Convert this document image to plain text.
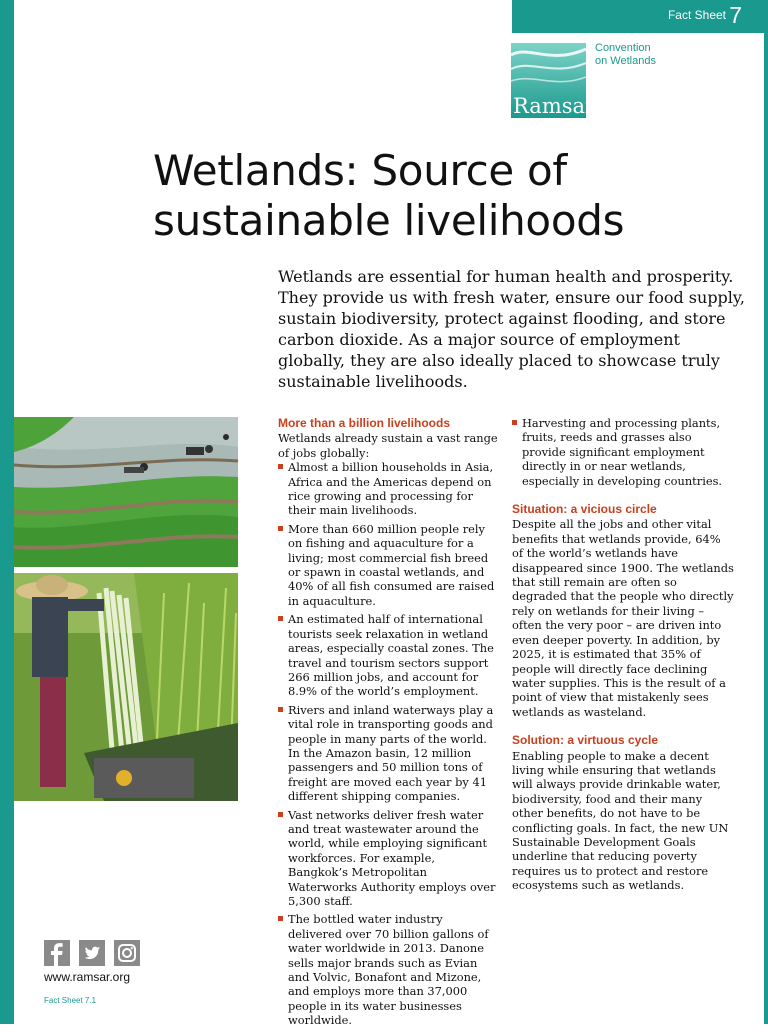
Fact Sheet 7
Ramsar
Convention
on Wetlands
Wetlands: Source of
sustainable livelihoods
Wetlands are essential for human health and prosperity. They provide us with fresh water, ensure our food supply, sustain biodiversity, protect against flooding, and store carbon dioxide. As a major source of employment globally, they are also ideally placed to showcase truly sustainable livelihoods.
More than a billion livelihoods

Wetlands already sustain a vast range of jobs globally:

Almost a billion households in Asia, Africa and the Americas depend on rice growing and processing for their main livelihoods.
More than 660 million people rely on fishing and aquaculture for a living; most commercial fish breed or spawn in coastal wetlands, and 40% of all fish consumed are raised in aquaculture.
An estimated half of international tourists seek relaxation in wetland areas, especially coastal zones. The travel and tourism sectors support 266 million jobs, and account for 8.9% of the world’s employment.
Rivers and inland waterways play a vital role in transporting goods and people in many parts of the world. In the Amazon basin, 12 million passengers and 50 million tons of freight are moved each year by 41 different shipping companies.
Vast networks deliver fresh water and treat wastewater around the world, while employing significant workforces. For example, Bangkok’s Metropolitan Waterworks Authority employs over 5,300 staff.
The bottled water industry delivered over 70 billion gallons of water worldwide in 2013. Danone sells major brands such as Evian and Volvic, Bonafont and Mizone, and employs more than 37,000 people in its water businesses worldwide.
Harvesting and processing plants, fruits, reeds and grasses also provide significant employment directly in or near wetlands, especially in developing countries.
Situation: a vicious circle

Despite all the jobs and other vital benefits that wetlands provide, 64% of the world’s wetlands have disappeared since 1900. The wetlands that still remain are often so degraded that the people who directly rely on wetlands for their living – often the very poor – are driven into even deeper poverty. In addition, by 2025, it is estimated that 35% of people will directly face declining water supplies. This is the result of a point of view that mistakenly sees wetlands as wasteland.

Solution: a virtuous cycle

Enabling people to make a decent living while ensuring that wetlands will always provide drinkable water, biodiversity, food and their many other benefits, do not have to be conflicting goals. In fact, the new UN Sustainable Development Goals underline that reducing poverty requires us to protect and restore ecosystems such as wetlands.

www.ramsar.org
Fact Sheet 7.1
